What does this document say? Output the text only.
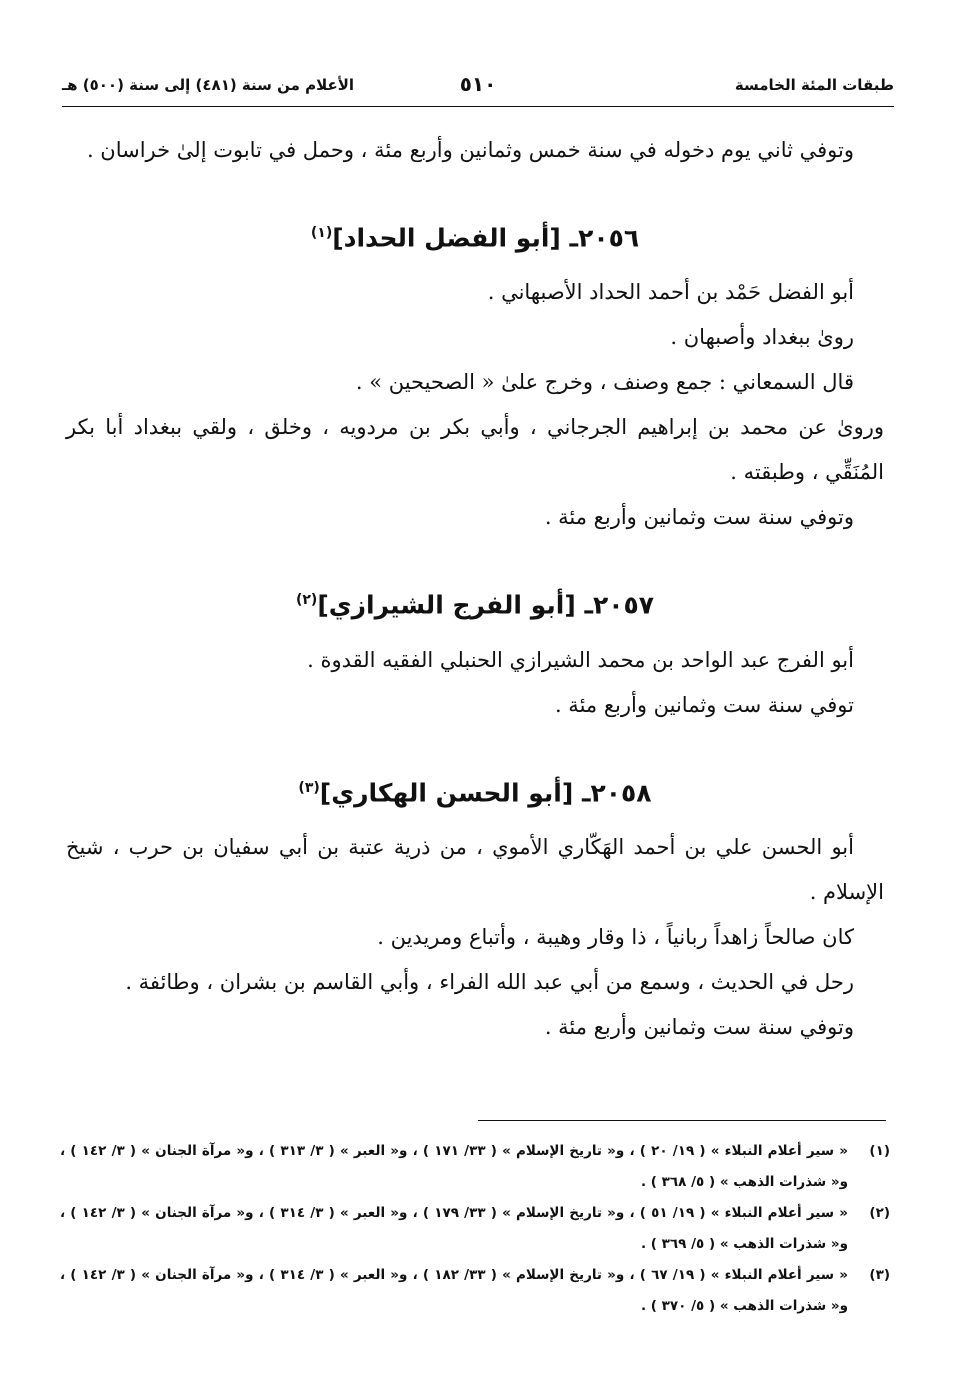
طبقات المئة الخامسة
٥١٠
الأعلام من سنة (٤٨١) إلى سنة (٥٠٠) هـ

وتوفي ثاني يوم دخوله في سنة خمس وثمانين وأربع مئة ، وحمل في تابوت إلىٰ خراسان .

٢٠٥٦ـ [أبو الفضل الحداد]$^{(١)}$

أبو الفضل حَمْد بن أحمد الحداد الأصبهاني .

رویٰ ببغداد وأصبهان .

قال السمعاني : جمع وصنف ، وخرج علىٰ « الصحيحين » .

ورویٰ عن محمد بن إبراهيم الجرجاني ، وأبي بكر بن مردويه ، وخلق ، ولقي ببغداد أبا بكر المُنَقِّي ، وطبقته .

وتوفي سنة ست وثمانين وأربع مئة .

٢٠٥٧ـ [أبو الفرج الشيرازي]$^{(٢)}$

أبو الفرج عبد الواحد بن محمد الشيرازي الحنبلي الفقيه القدوة .

توفي سنة ست وثمانين وأربع مئة .

٢٠٥٨ـ [أبو الحسن الهكاري]$^{(٣)}$

أبو الحسن علي بن أحمد الهَكّاري الأموي ، من ذرية عتبة بن أبي سفيان بن حرب ، شيخ الإسلام .

كان صالحاً زاهداً ربانياً ، ذا وقار وهيبة ، وأتباع ومريدين .

رحل في الحديث ، وسمع من أبي عبد الله الفراء ، وأبي القاسم بن بشران ، وطائفة .

وتوفي سنة ست وثمانين وأربع مئة .

(١)
« سير أعلام النبلاء » ( ١٩/ ٢٠ ) ، و« تاريخ الإسلام » ( ٣٣/ ١٧١ ) ، و« العبر » ( ٣/ ٣١٣ ) ، و« مرآة الجنان » ( ٣/ ١٤٢ ) ، و« شذرات الذهب » ( ٥/ ٣٦٨ ) .
(٢)
« سير أعلام النبلاء » ( ١٩/ ٥١ ) ، و« تاريخ الإسلام » ( ٣٣/ ١٧٩ ) ، و« العبر » ( ٣/ ٣١٤ ) ، و« مرآة الجنان » ( ٣/ ١٤٢ ) ، و« شذرات الذهب » ( ٥/ ٣٦٩ ) .
(٣)
« سير أعلام النبلاء » ( ١٩/ ٦٧ ) ، و« تاريخ الإسلام » ( ٣٣/ ١٨٢ ) ، و« العبر » ( ٣/ ٣١٤ ) ، و« مرآة الجنان » ( ٣/ ١٤٢ ) ، و« شذرات الذهب » ( ٥/ ٣٧٠ ) .
